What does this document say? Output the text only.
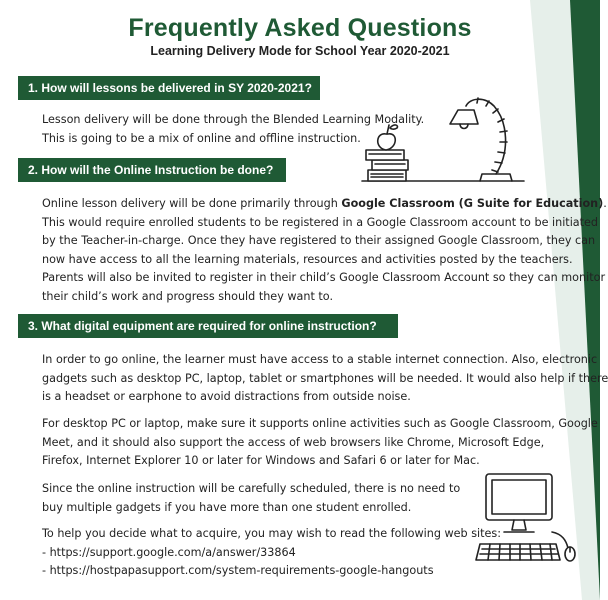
Frequently Asked Questions
Learning Delivery Mode for School Year 2020-2021
1. How will lessons be delivered in SY 2020-2021?

Lesson delivery will be done through the Blended Learning Modality.

This is going to be a mix of online and offline instruction.

2. How will the Online Instruction be done?

Online lesson delivery will be done primarily through Google Classroom (G Suite for Education).

This would require enrolled students to be registered in a Google Classroom account to be initiated

by the Teacher-in-charge. Once they have registered to their assigned Google Classroom, they can

now have access to all the learning materials, resources and activities posted by the teachers.

Parents will also be invited to register in their child’s Google Classroom Account so they can monitor

their child’s work and progress should they want to.

3. What digital equipment are required for online instruction?

In order to go online, the learner must have access to a stable internet connection. Also, electronic

gadgets such as desktop PC, laptop, tablet or smartphones will be needed. It would also help if there

is a headset or earphone to avoid distractions from outside noise.

For desktop PC or laptop, make sure it supports online activities such as Google Classroom, Google

Meet, and it should also support the access of web browsers like Chrome, Microsoft Edge,

Firefox, Internet Explorer 10 or later for Windows and Safari 6 or later for Mac.

Since the online instruction will be carefully scheduled, there is no need to

buy multiple gadgets if you have more than one student enrolled.

To help you decide what to acquire, you may wish to read the following web sites:

- https://support.google.com/a/answer/33864

- https://hostpapasupport.com/system-requirements-google-hangouts
